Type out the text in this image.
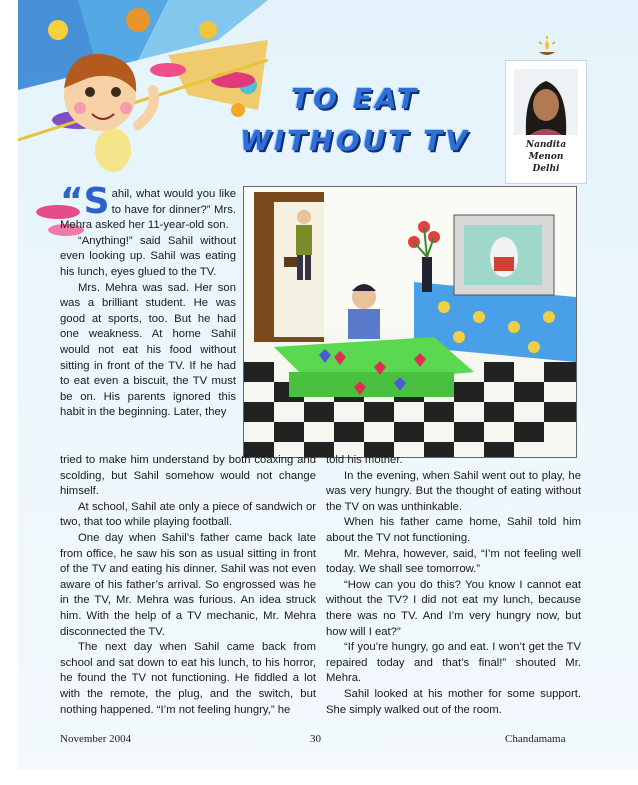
TO EAT
WITHOUT TV	Nandita
Menon
Delhi

“Sahil, what would you like to have for dinner?” Mrs. Mehra asked her 11-year-old son.

“Anything!” said Sahil without even looking up. Sahil was eating his lunch, eyes glued to the TV.

Mrs. Mehra was sad. Her son was a brilliant student. He was good at sports, too. But he had one weakness. At home Sahil would not eat his food without sitting in front of the TV. If he had to eat even a biscuit, the TV must be on. His parents ignored this habit in the beginning. Later, they

tried to make him understand by both coaxing and scolding, but Sahil somehow would not change himself.

At school, Sahil ate only a piece of sandwich or two, that too while playing football.

One day when Sahil’s father came back late from office, he saw his son as usual sitting in front of the TV and eating his dinner. Sahil was not even aware of his father’s arrival. So engrossed was he in the TV, Mr. Mehra was furious. An idea struck him. With the help of a TV mechanic, Mr. Mehra disconnected the TV.

The next day when Sahil came back from school and sat down to eat his lunch, to his horror, he found the TV not functioning. He fiddled a lot with the remote, the plug, and the switch, but nothing happened. “I’m not feeling hungry,” he

told his mother.

In the evening, when Sahil went out to play, he was very hungry. But the thought of eating without the TV on was unthinkable.

When his father came home, Sahil told him about the TV not functioning.

Mr. Mehra, however, said, “I’m not feeling well today. We shall see tomorrow.”

“How can you do this? You know I cannot eat without the TV? I did not eat my lunch, because there was no TV. And I’m very hungry now, but how will I eat?”

“If you’re hungry, go and eat. I won’t get the TV repaired today and that’s final!” shouted Mr. Mehra.

Sahil looked at his mother for some support. She simply walked out of the room.

November 2004	30	Chandamama
